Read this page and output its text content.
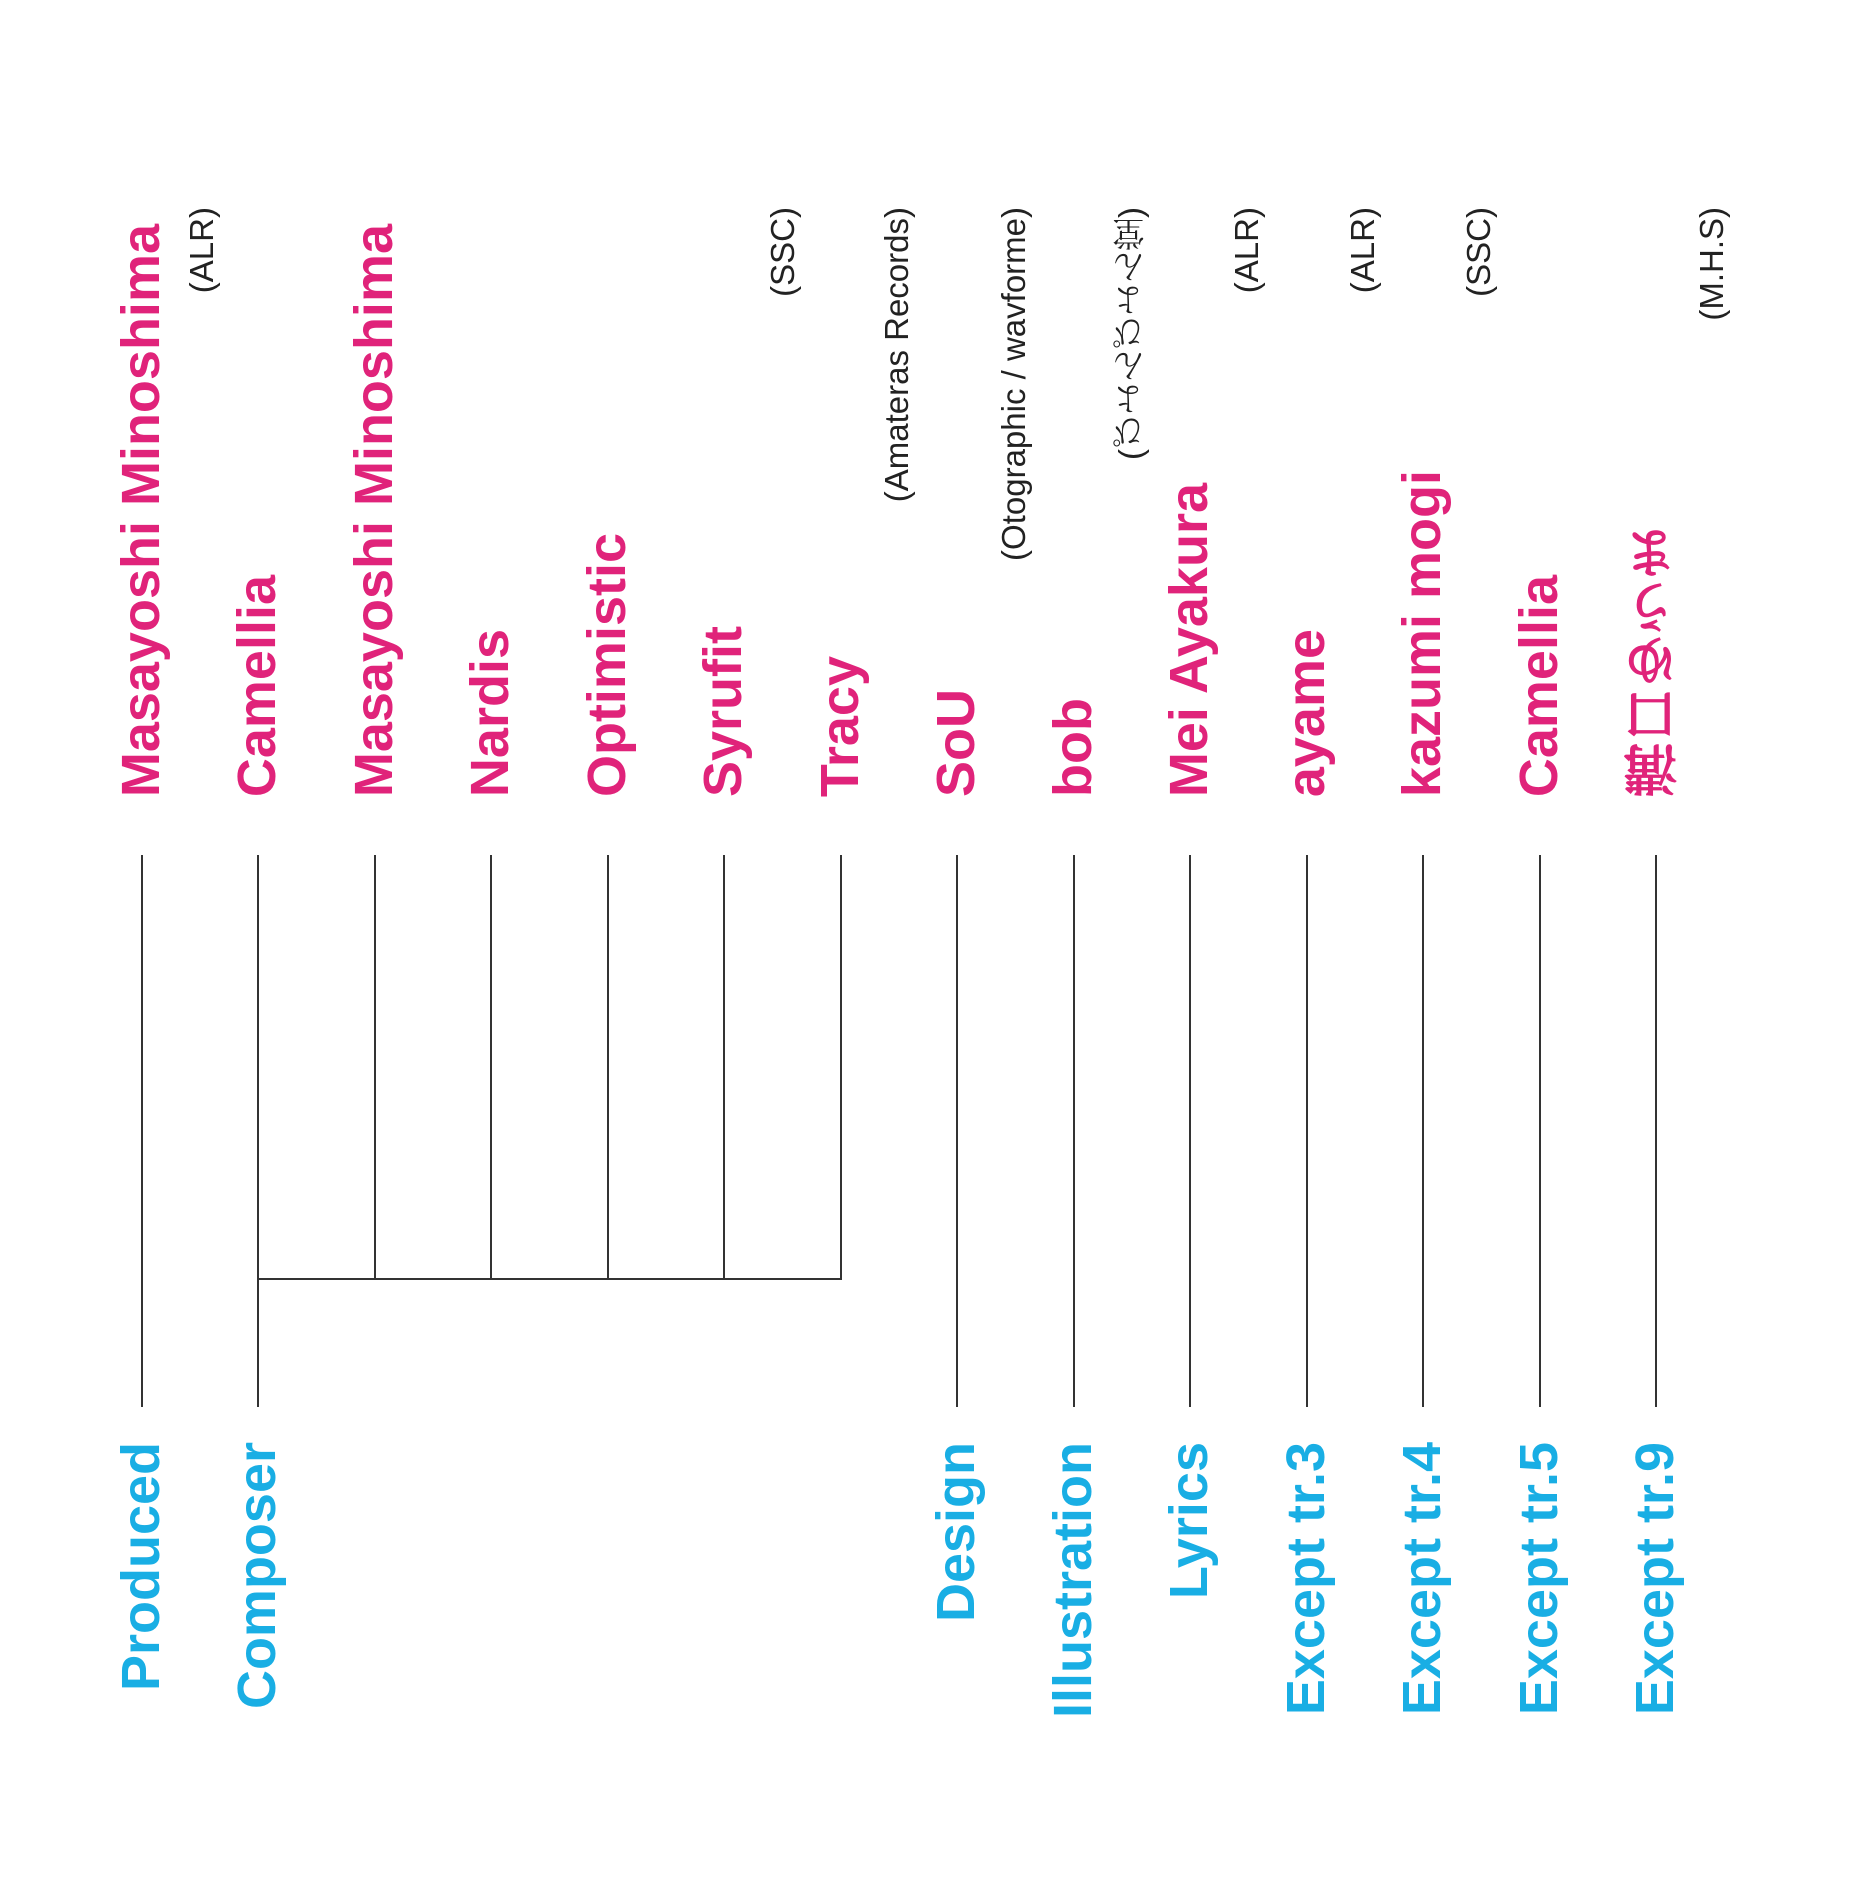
Produced
Masayoshi Minoshima (ALR)
Composer
Camellia Masayoshi Minoshima Nardis Optimistic Syrufit
(SSC)
Tracy
(Amateras Records)
Design
SoU
(Otographic / wavforme)
Illustration
bob
(ぴよんぴよん堂)
Lyrics
Mei Ayakura
(ALR)
Except tr.3
ayame
(ALR)
Except tr.4
kazumi mogi
(SSC)
Except tr.5
Camellia
Except tr.9
溝口ゆうま
(M.H.S)
